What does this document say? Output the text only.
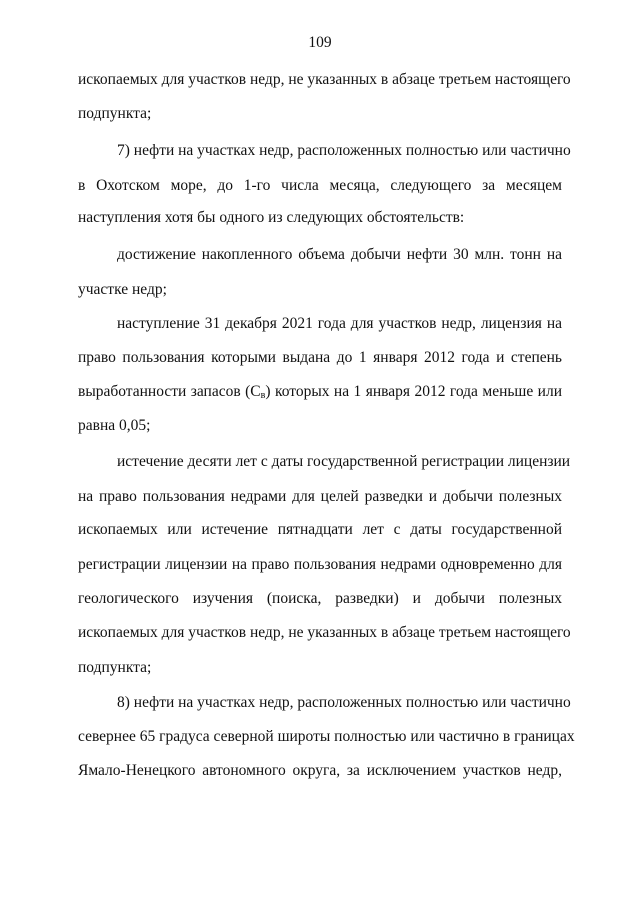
109
ископаемых для участков недр, не указанных в абзаце третьем настоящего
подпункта;
7) нефти на участках недр, расположенных полностью или частично
в Охотском море, до 1-го числа месяца, следующего за месяцем
наступления хотя бы одного из следующих обстоятельств:
достижение накопленного объема добычи нефти 30 млн. тонн на
участке недр;
наступление 31 декабря 2021 года для участков недр, лицензия на
право пользования которыми выдана до 1 января 2012 года и степень
выработанности запасов $(С_в)$ которых на 1 января 2012 года меньше или
равна 0,05;
истечение десяти лет с даты государственной регистрации лицензии
на право пользования недрами для целей разведки и добычи полезных
ископаемых или истечение пятнадцати лет с даты государственной
регистрации лицензии на право пользования недрами одновременно для
геологического изучения (поиска, разведки) и добычи полезных
ископаемых для участков недр, не указанных в абзаце третьем настоящего
подпункта;
8) нефти на участках недр, расположенных полностью или частично
севернее 65 градуса северной широты полностью или частично в границах
Ямало-Ненецкого автономного округа, за исключением участков недр,
